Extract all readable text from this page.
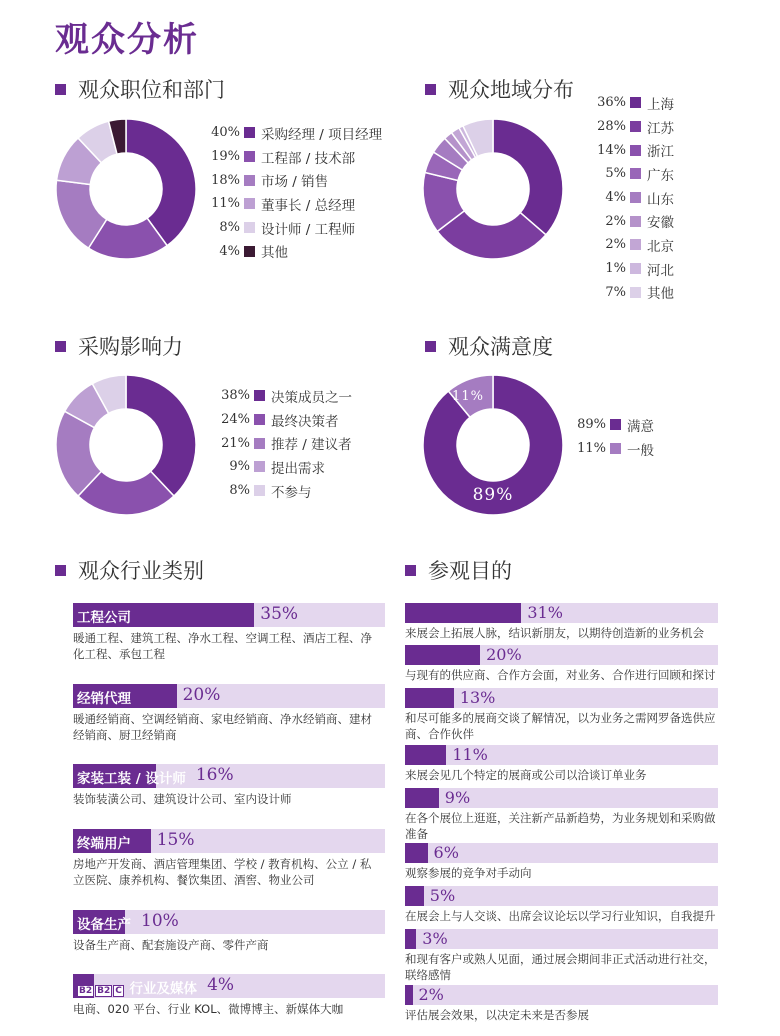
观众分析
观众职位和部门	观众地域分布
采购影响力	观众满意度
观众行业类别	参观目的
89%
11%
40% 采购经理 / 项目经理
19% 工程部 / 技术部
18% 市场 / 销售
11% 董事长 / 总经理
8% 设计师 / 工程师
4% 其他
36% 上海
28% 江苏
14% 浙江
5% 广东
4% 山东
2% 安徽
2% 北京
1% 河北
7% 其他
38% 决策成员之一
24% 最终决策者
21% 推荐 / 建议者
9% 提出需求
8% 不参与
89% 满意
11% 一般
工程公司	35%
暖通工程、建筑工程、净水工程、空调工程、酒店工程、净化工程、承包工程
经销代理	20%
暖通经销商、空调经销商、家电经销商、净水经销商、建材经销商、厨卫经销商
家装工装 / 设计师 16%
装饰装潢公司、建筑设计公司、室内设计师
终端用户 15%
房地产开发商、酒店管理集团、学校 / 教育机构、公立 / 私立医院、康养机构、餐饮集团、酒窖、物业公司
设备生产 10%
设备生产商、配套施设产商、零件产商
B2 B2 C 行业及媒体 4%
电商、020 平台、行业 KOL、微博博主、新媒体大咖
31%
来展会上拓展人脉，结识新朋友，以期待创造新的业务机会
20%
与现有的供应商、合作方会面，对业务、合作进行回顾和探讨
13%
和尽可能多的展商交谈了解情况，以为业务之需网罗备选供应商、合作伙伴
11%
来展会见几个特定的展商或公司以洽谈订单业务
9%
在各个展位上逛逛，关注新产品新趋势，为业务规划和采购做准备
6%
观察参展的竞争对手动向
5%
在展会上与人交谈、出席会议论坛以学习行业知识，自我提升
3%
和现有客户或熟人见面，通过展会期间非正式活动进行社交，联络感情
2%
评估展会效果，以决定未来是否参展
